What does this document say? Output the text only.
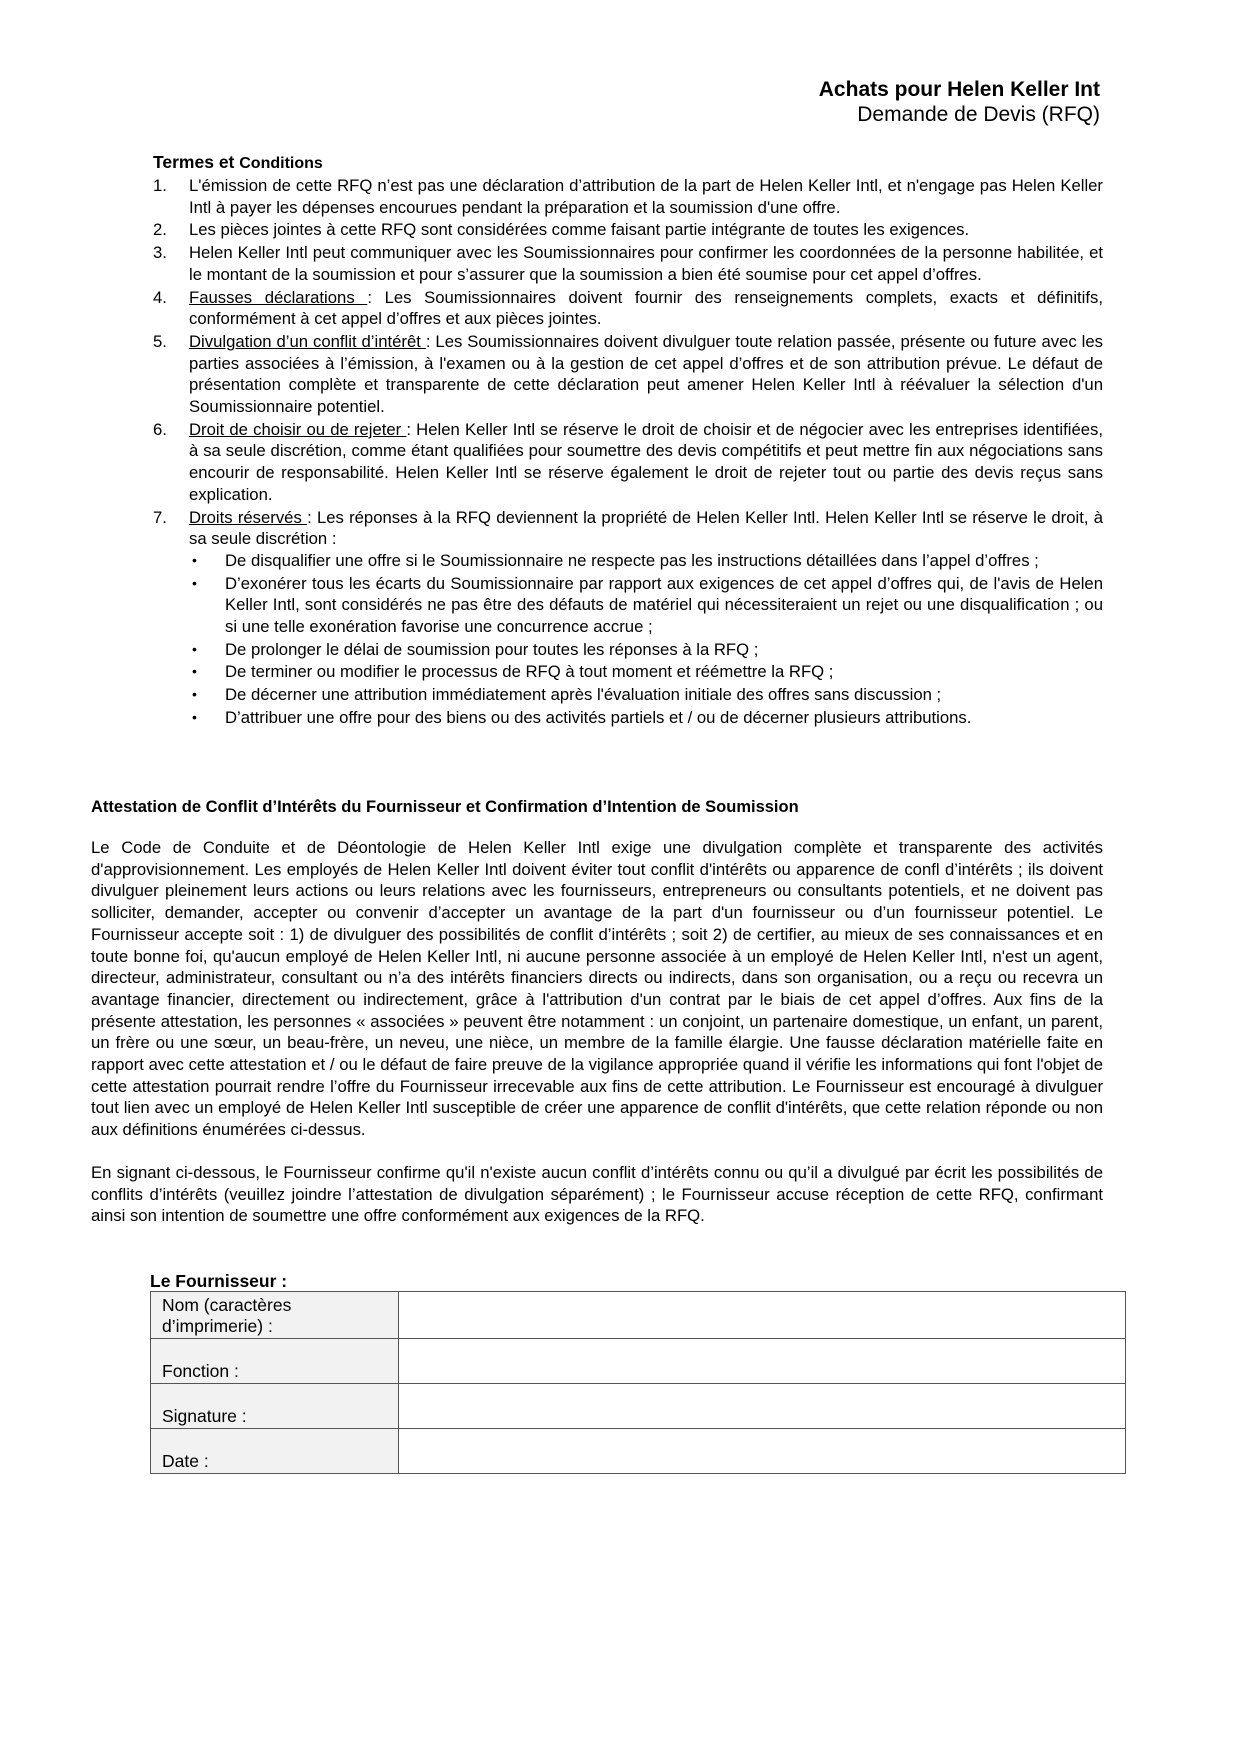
Achats pour Helen Keller Int
Demande de Devis (RFQ)
Termes et Conditions
1. L'émission de cette RFQ n’est pas une déclaration d’attribution de la part de Helen Keller Intl, et n'engage pas Helen Keller Intl à payer les dépenses encourues pendant la préparation et la soumission d'une offre.
2. Les pièces jointes à cette RFQ sont considérées comme faisant partie intégrante de toutes les exigences.
3. Helen Keller Intl peut communiquer avec les Soumissionnaires pour confirmer les coordonnées de la personne habilitée, et le montant de la soumission et pour s’assurer que la soumission a bien été soumise pour cet appel d’offres.
4. Fausses déclarations : Les Soumissionnaires doivent fournir des renseignements complets, exacts et définitifs, conformément à cet appel d’offres et aux pièces jointes.
5. Divulgation d’un conflit d’intérêt : Les Soumissionnaires doivent divulguer toute relation passée, présente ou future avec les parties associées à l’émission, à l'examen ou à la gestion de cet appel d’offres et de son attribution prévue. Le défaut de présentation complète et transparente de cette déclaration peut amener Helen Keller Intl à réévaluer la sélection d'un Soumissionnaire potentiel.
6. Droit de choisir ou de rejeter : Helen Keller Intl se réserve le droit de choisir et de négocier avec les entreprises identifiées, à sa seule discrétion, comme étant qualifiées pour soumettre des devis compétitifs et peut mettre fin aux négociations sans encourir de responsabilité. Helen Keller Intl se réserve également le droit de rejeter tout ou partie des devis reçus sans explication.
7. Droits réservés : Les réponses à la RFQ deviennent la propriété de Helen Keller Intl. Helen Keller Intl se réserve le droit, à sa seule discrétion :
• De disqualifier une offre si le Soumissionnaire ne respecte pas les instructions détaillées dans l’appel d’offres ;
• D’exonérer tous les écarts du Soumissionnaire par rapport aux exigences de cet appel d’offres qui, de l'avis de Helen Keller Intl, sont considérés ne pas être des défauts de matériel qui nécessiteraient un rejet ou une disqualification ; ou si une telle exonération favorise une concurrence accrue ;
• De prolonger le délai de soumission pour toutes les réponses à la RFQ ;
• De terminer ou modifier le processus de RFQ à tout moment et réémettre la RFQ ;
• De décerner une attribution immédiatement après l'évaluation initiale des offres sans discussion ;
• D’attribuer une offre pour des biens ou des activités partiels et / ou de décerner plusieurs attributions.
Attestation de Conflit d’Intérêts du Fournisseur et Confirmation d’Intention de Soumission

Le Code de Conduite et de Déontologie de Helen Keller Intl exige une divulgation complète et transparente des activités d'approvisionnement. Les employés de Helen Keller Intl doivent éviter tout conflit d'intérêts ou apparence de confl d’intérêts ; ils doivent divulguer pleinement leurs actions ou leurs relations avec les fournisseurs, entrepreneurs ou consultants potentiels, et ne doivent pas solliciter, demander, accepter ou convenir d’accepter un avantage de la part d'un fournisseur ou d’un fournisseur potentiel. Le Fournisseur accepte soit : 1) de divulguer des possibilités de conflit d’intérêts ; soit 2) de certifier, au mieux de ses connaissances et en toute bonne foi, qu'aucun employé de Helen Keller Intl, ni aucune personne associée à un employé de Helen Keller Intl, n'est un agent, directeur, administrateur, consultant ou n’a des intérêts financiers directs ou indirects, dans son organisation, ou a reçu ou recevra un avantage financier, directement ou indirectement, grâce à l'attribution d'un contrat par le biais de cet appel d’offres. Aux fins de la présente attestation, les personnes « associées » peuvent être notamment : un conjoint, un partenaire domestique, un enfant, un parent, un frère ou une sœur, un beau-frère, un neveu, une nièce, un membre de la famille élargie. Une fausse déclaration matérielle faite en rapport avec cette attestation et / ou le défaut de faire preuve de la vigilance appropriée quand il vérifie les informations qui font l'objet de cette attestation pourrait rendre l’offre du Fournisseur irrecevable aux fins de cette attribution. Le Fournisseur est encouragé à divulguer tout lien avec un employé de Helen Keller Intl susceptible de créer une apparence de conflit d'intérêts, que cette relation réponde ou non aux définitions énumérées ci-dessus.

En signant ci-dessous, le Fournisseur confirme qu'il n'existe aucun conflit d’intérêts connu ou qu’il a divulgué par écrit les possibilités de conflits d’intérêts (veuillez joindre l’attestation de divulgation séparément) ; le Fournisseur accuse réception de cette RFQ, confirmant ainsi son intention de soumettre une offre conformément aux exigences de la RFQ.

Le Fournisseur :
Nom (caractères
d’imprimerie) :	
Fonction :	
Signature :	
Date :	
